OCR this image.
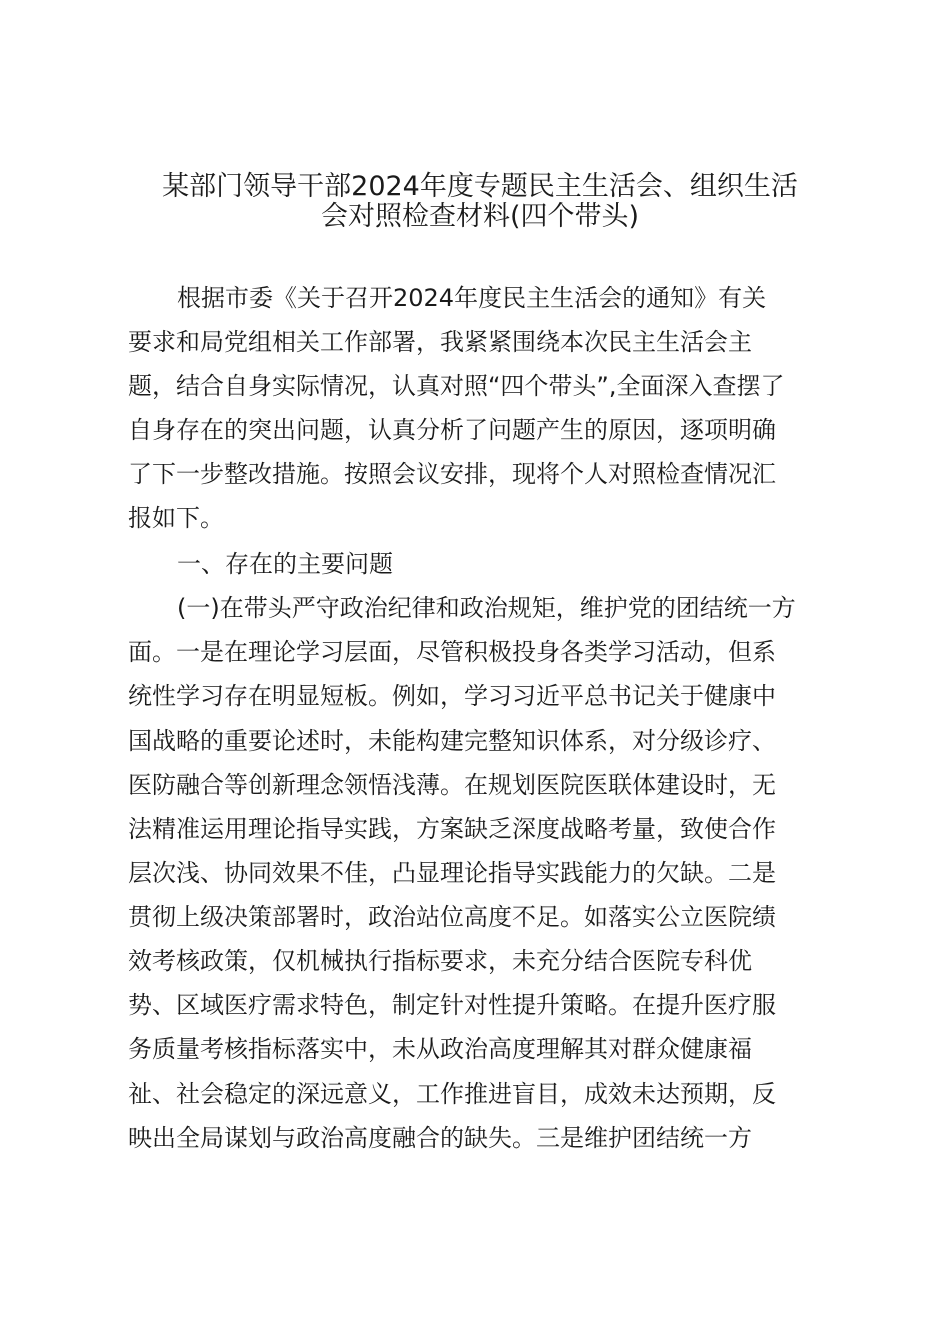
某部门领导干部2024年度专题民主生活会、组织生活
会对照检查材料(四个带头)
根据市委《关于召开2024年度民主生活会的通知》有关
要求和局党组相关工作部署，我紧紧围绕本次民主生活会主
题，结合自身实际情况，认真对照“四个带头”,全面深入查摆了
自身存在的突出问题，认真分析了问题产生的原因，逐项明确
了下一步整改措施。按照会议安排，现将个人对照检查情况汇
报如下。
一、存在的主要问题
(一)在带头严守政治纪律和政治规矩，维护党的团结统一方
面。一是在理论学习层面，尽管积极投身各类学习活动，但系
统性学习存在明显短板。例如，学习习近平总书记关于健康中
国战略的重要论述时，未能构建完整知识体系，对分级诊疗、
医防融合等创新理念领悟浅薄。在规划医院医联体建设时，无
法精准运用理论指导实践，方案缺乏深度战略考量，致使合作
层次浅、协同效果不佳，凸显理论指导实践能力的欠缺。二是
贯彻上级决策部署时，政治站位高度不足。如落实公立医院绩
效考核政策，仅机械执行指标要求，未充分结合医院专科优
势、区域医疗需求特色，制定针对性提升策略。在提升医疗服
务质量考核指标落实中，未从政治高度理解其对群众健康福
祉、社会稳定的深远意义，工作推进盲目，成效未达预期，反
映出全局谋划与政治高度融合的缺失。三是维护团结统一方
